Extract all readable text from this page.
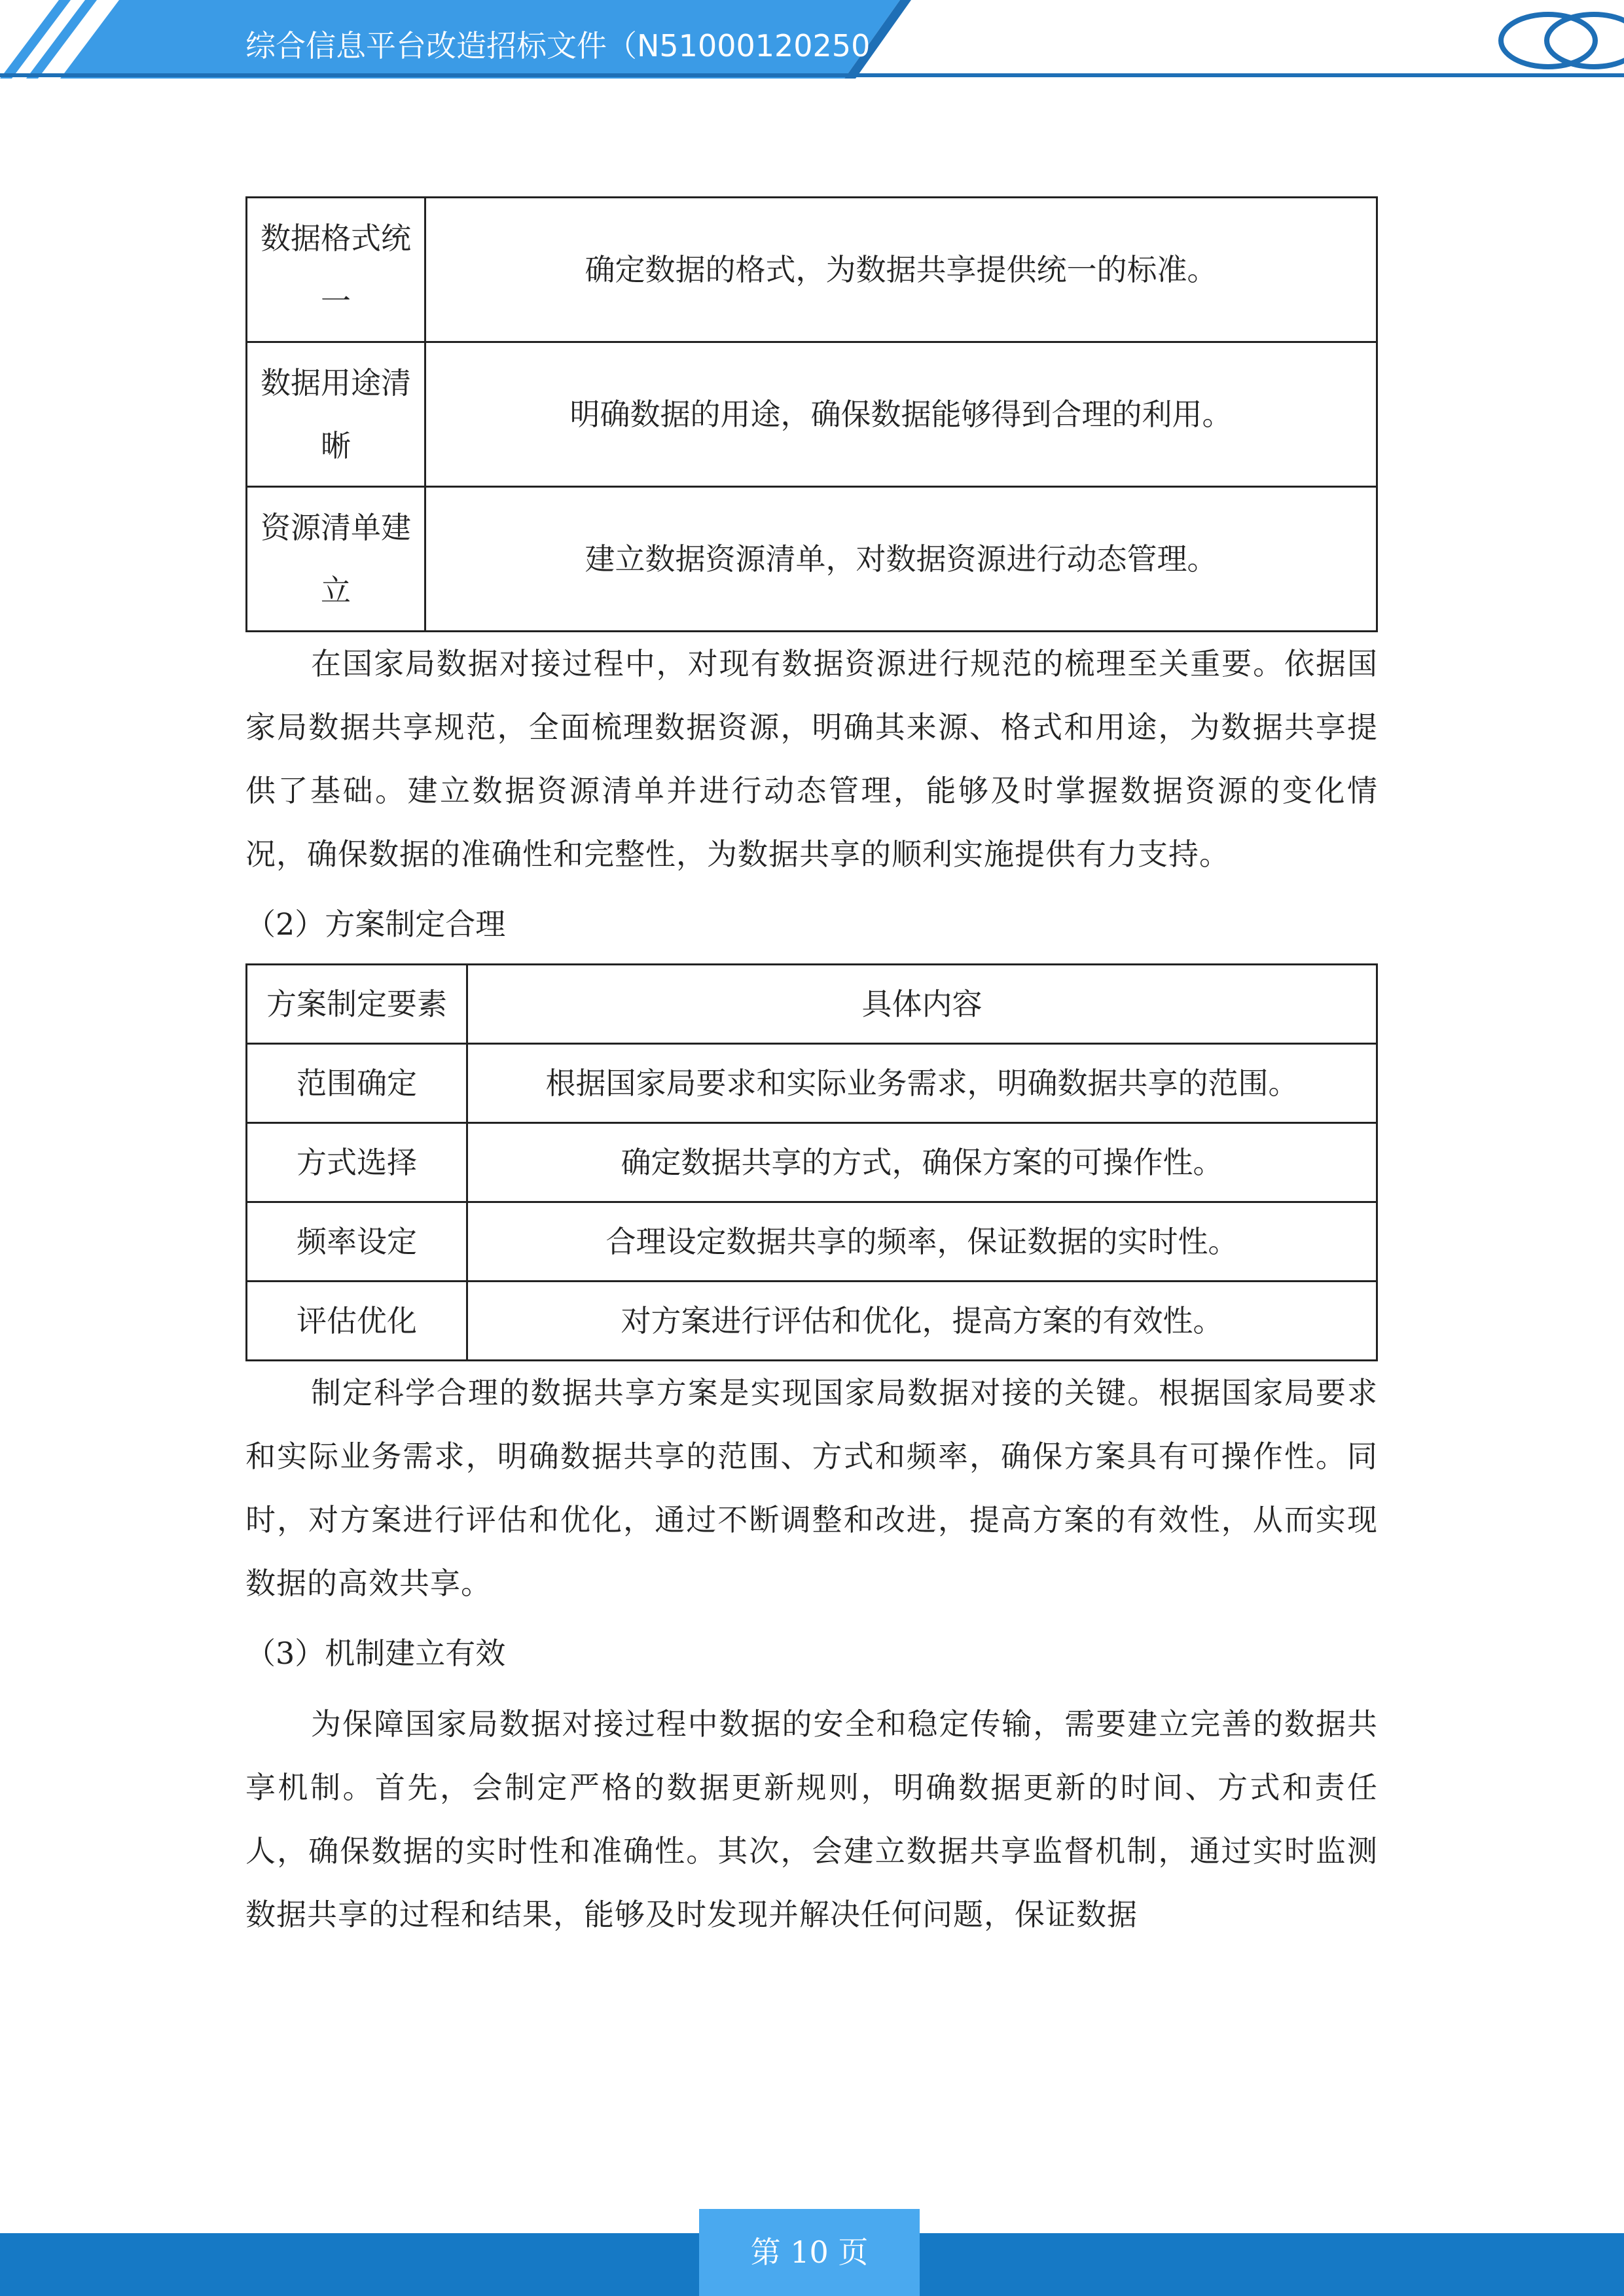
综合信息平台改造招标文件（N51000120250
数据格式统一	确定数据的格式，为数据共享提供统一的标准。
数据用途清晰	明确数据的用途，确保数据能够得到合理的利用。
资源清单建立	建立数据资源清单，对数据资源进行动态管理。

在国家局数据对接过程中，对现有数据资源进行规范的梳理至关重要。依据国家局数据共享规范，全面梳理数据资源，明确其来源、格式和用途，为数据共享提供了基础。建立数据资源清单并进行动态管理，能够及时掌握数据资源的变化情况，确保数据的准确性和完整性，为数据共享的顺利实施提供有力支持。

（2）方案制定合理
方案制定要素	具体内容
范围确定	根据国家局要求和实际业务需求，明确数据共享的范围。
方式选择	确定数据共享的方式，确保方案的可操作性。
频率设定	合理设定数据共享的频率，保证数据的实时性。
评估优化	对方案进行评估和优化，提高方案的有效性。

制定科学合理的数据共享方案是实现国家局数据对接的关键。根据国家局要求和实际业务需求，明确数据共享的范围、方式和频率，确保方案具有可操作性。同时，对方案进行评估和优化，通过不断调整和改进，提高方案的有效性，从而实现数据的高效共享。

（3）机制建立有效

为保障国家局数据对接过程中数据的安全和稳定传输，需要建立完善的数据共享机制。首先，会制定严格的数据更新规则，明确数据更新的时间、方式和责任人，确保数据的实时性和准确性。其次，会建立数据共享监督机制，通过实时监测数据共享的过程和结果，能够及时发现并解决任何问题，保证数据

第 10 页
